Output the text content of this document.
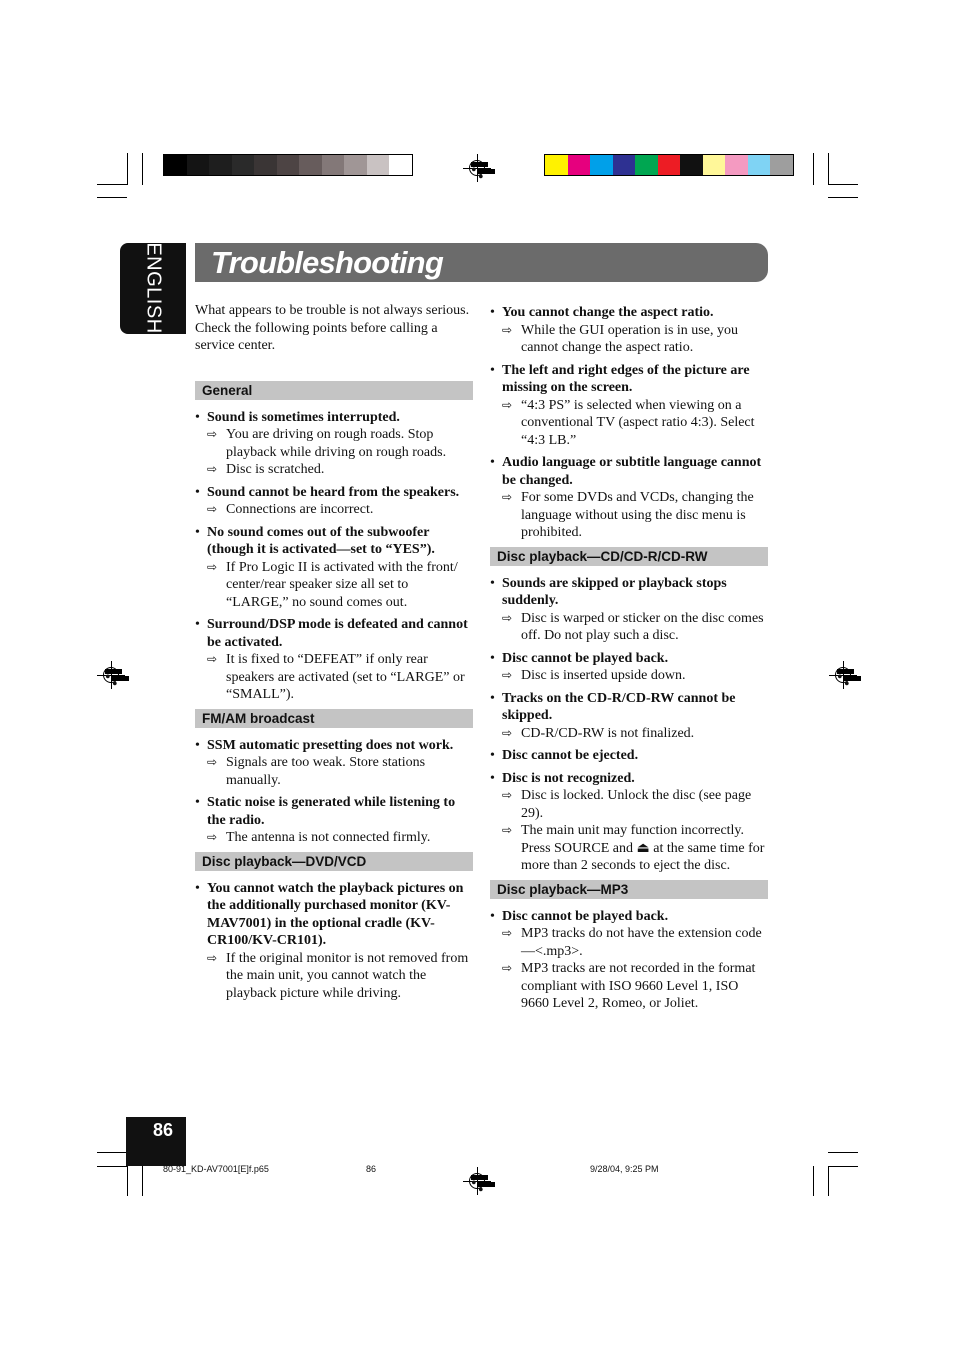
•
•
•
•
•
•
•
•
ENGLISH Troubleshooting

What appears to be trouble is not always serious. Check the following points before calling a service center.

General
• Sound is sometimes interrupted.
⇨ You are driving on rough roads. Stop playback while driving on rough roads.
⇨ Disc is scratched.
• Sound cannot be heard from the speakers.
⇨ Connections are incorrect.
• No sound comes out of the subwoofer (though it is activated—set to “YES”).
⇨ If Pro Logic II is activated with the front/ center/rear speaker size all set to “LARGE,” no sound comes out.
• Surround/DSP mode is defeated and cannot be activated.
⇨ It is fixed to “DEFEAT” if only rear speakers are activated (set to “LARGE” or “SMALL”).
FM/AM broadcast
• SSM automatic presetting does not work.
⇨ Signals are too weak. Store stations manually.
• Static noise is generated while listening to the radio.
⇨ The antenna is not connected firmly.
Disc playback—DVD/VCD
• You cannot watch the playback pictures on the additionally purchased monitor (KV-MAV7001) in the optional cradle (KV-CR100/KV-CR101).
⇨ If the original monitor is not removed from the main unit, you cannot watch the playback picture while driving.
• You cannot change the aspect ratio.
⇨ While the GUI operation is in use, you cannot change the aspect ratio.
• The left and right edges of the picture are missing on the screen.
⇨ “4:3 PS” is selected when viewing on a conventional TV (aspect ratio 4:3). Select “4:3 LB.”
• Audio language or subtitle language cannot be changed.
⇨ For some DVDs and VCDs, changing the language without using the disc menu is prohibited.
Disc playback—CD/CD-R/CD-RW
• Sounds are skipped or playback stops suddenly.
⇨ Disc is warped or sticker on the disc comes off. Do not play such a disc.
• Disc cannot be played back.
⇨ Disc is inserted upside down.
• Tracks on the CD-R/CD-RW cannot be skipped.
⇨ CD-R/CD-RW is not finalized.
• Disc cannot be ejected.
• Disc is not recognized.
⇨ Disc is locked. Unlock the disc (see page 29).
⇨ The main unit may function incorrectly. Press SOURCE and ⏏ at the same time for more than 2 seconds to eject the disc.
Disc playback—MP3
• Disc cannot be played back.
⇨ MP3 tracks do not have the extension code—<.mp3>.
⇨ MP3 tracks are not recorded in the format compliant with ISO 9660 Level 1, ISO 9660 Level 2, Romeo, or Joliet.
86
80-91_KD-AV7001[E]f.p65	86	9/28/04, 9:25 PM
